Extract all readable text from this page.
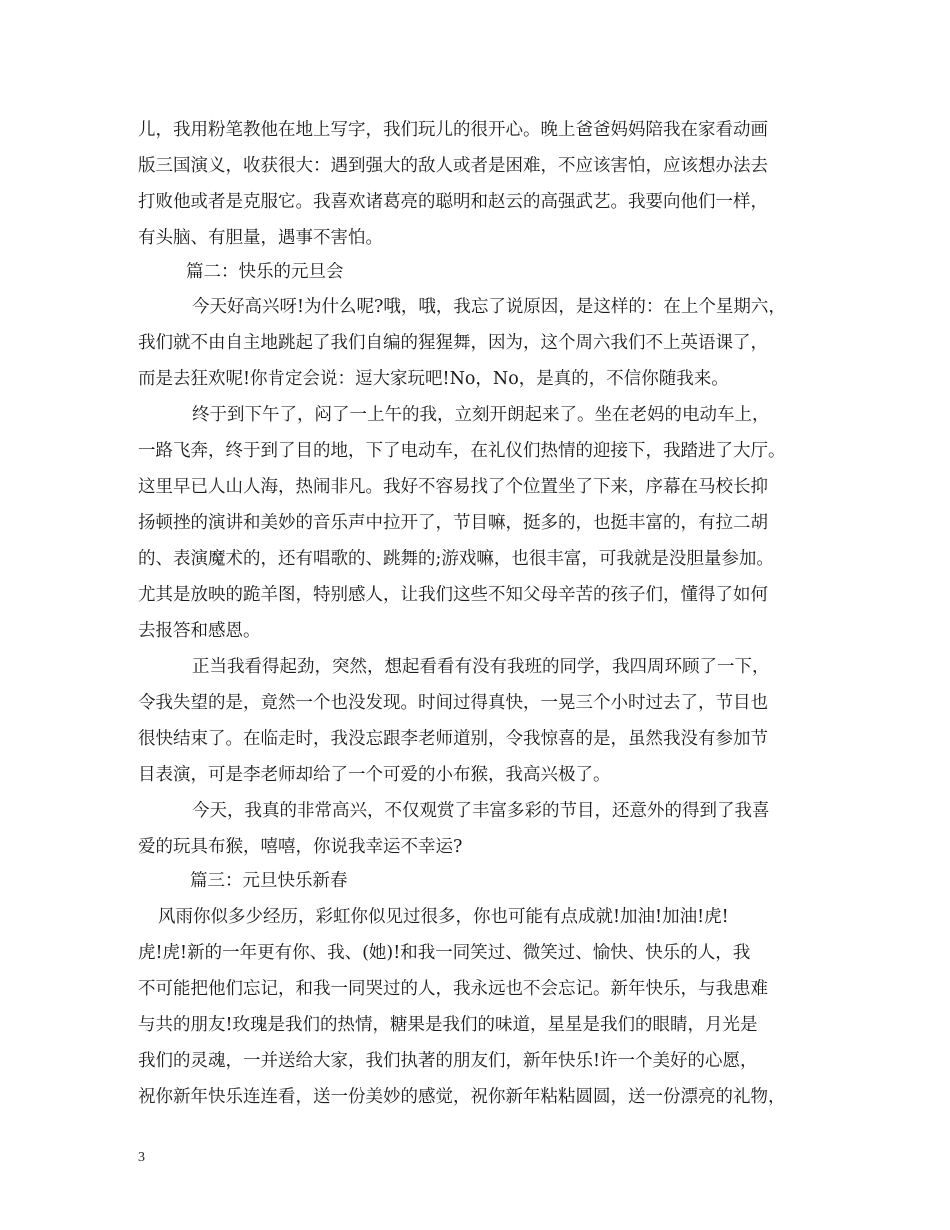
儿，我用粉笔教他在地上写字，我们玩儿的很开心。晚上爸爸妈妈陪我在家看动画
版三国演义，收获很大：遇到强大的敌人或者是困难，不应该害怕，应该想办法去
打败他或者是克服它。我喜欢诸葛亮的聪明和赵云的高强武艺。我要向他们一样，
有头脑、有胆量，遇事不害怕。
篇二：快乐的元旦会
今天好高兴呀!为什么呢?哦，哦，我忘了说原因，是这样的：在上个星期六，
我们就不由自主地跳起了我们自编的猩猩舞，因为，这个周六我们不上英语课了，
而是去狂欢呢!你肯定会说：逗大家玩吧!No，No，是真的，不信你随我来。
终于到下午了，闷了一上午的我，立刻开朗起来了。坐在老妈的电动车上，
一路飞奔，终于到了目的地，下了电动车，在礼仪们热情的迎接下，我踏进了大厅。
这里早已人山人海，热闹非凡。我好不容易找了个位置坐了下来，序幕在马校长抑
扬顿挫的演讲和美妙的音乐声中拉开了，节目嘛，挺多的，也挺丰富的，有拉二胡
的、表演魔术的，还有唱歌的、跳舞的;游戏嘛，也很丰富，可我就是没胆量参加。
尤其是放映的跪羊图，特别感人，让我们这些不知父母辛苦的孩子们，懂得了如何
去报答和感恩。
正当我看得起劲，突然，想起看看有没有我班的同学，我四周环顾了一下，
令我失望的是，竟然一个也没发现。时间过得真快，一晃三个小时过去了，节目也
很快结束了。在临走时，我没忘跟李老师道别，令我惊喜的是，虽然我没有参加节
目表演，可是李老师却给了一个可爱的小布猴，我高兴极了。
今天，我真的非常高兴，不仅观赏了丰富多彩的节目，还意外的得到了我喜
爱的玩具布猴，嘻嘻，你说我幸运不幸运?
篇三：元旦快乐新春
风雨你似多少经历，彩虹你似见过很多，你也可能有点成就!加油!加油!虎!
虎!虎!新的一年更有你、我、(她)!和我一同笑过、微笑过、愉快、快乐的人，我
不可能把他们忘记，和我一同哭过的人，我永远也不会忘记。新年快乐，与我患难
与共的朋友!玫瑰是我们的热情，糖果是我们的味道，星星是我们的眼睛，月光是
我们的灵魂，一并送给大家，我们执著的朋友们，新年快乐!许一个美好的心愿，
祝你新年快乐连连看，送一份美妙的感觉，祝你新年粘粘圆圆，送一份漂亮的礼物，
3
